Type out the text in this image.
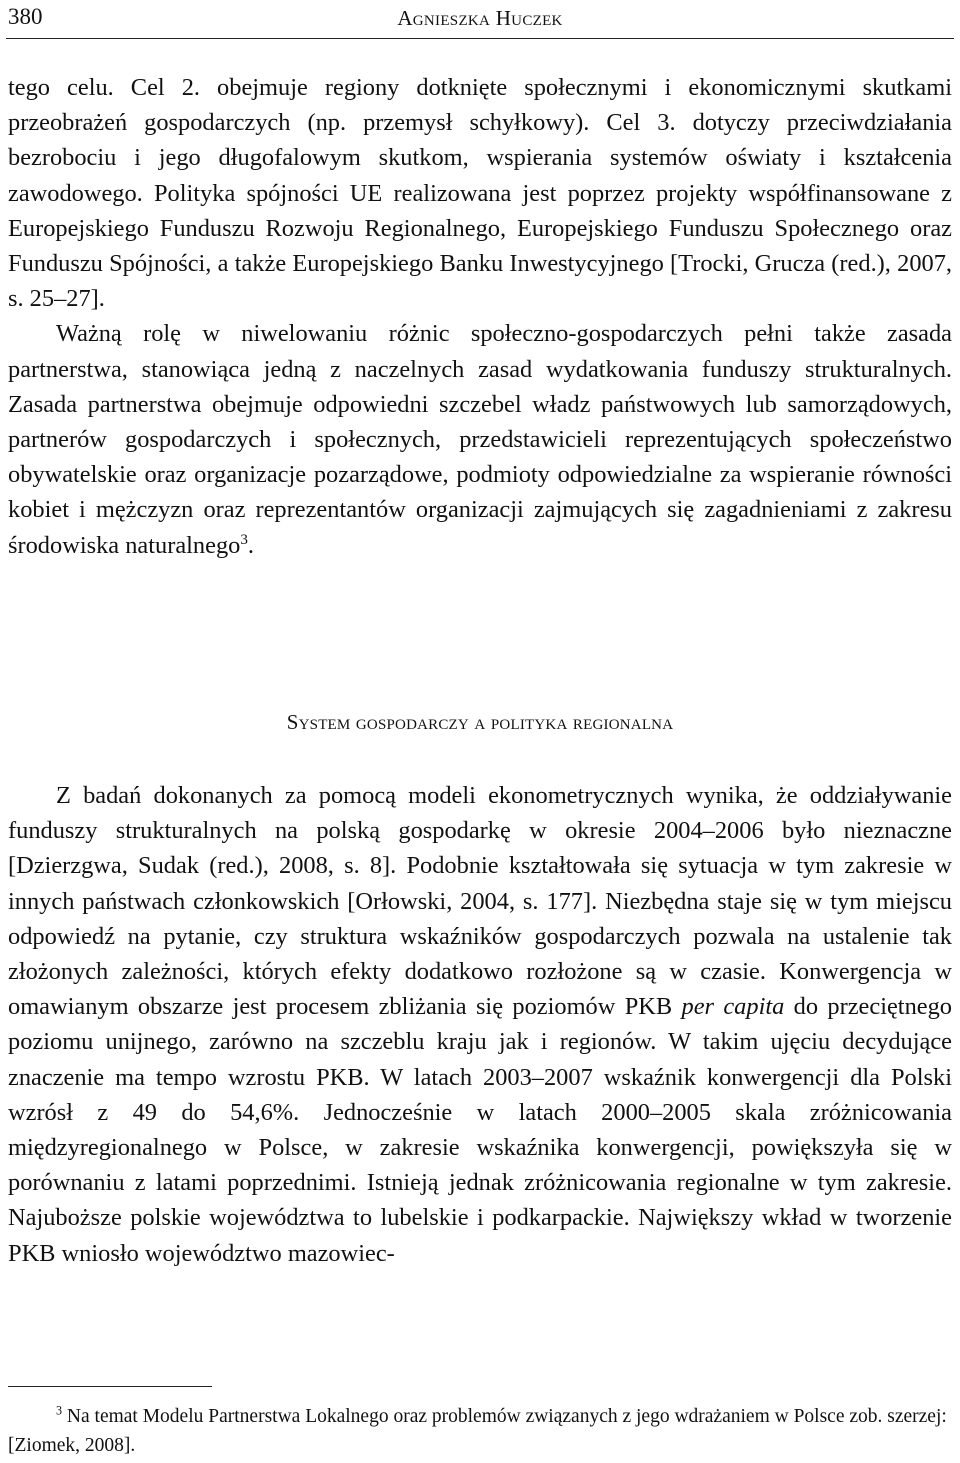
380	Agnieszka Huczek

tego celu. Cel 2. obejmuje regiony dotknięte społecznymi i ekonomicznymi skutkami przeobrażeń gospodarczych (np. przemysł schyłkowy). Cel 3. dotyczy przeciwdziałania bezrobociu i jego długofalowym skutkom, wspierania systemów oświaty i kształcenia zawodowego. Polityka spójności UE realizowana jest poprzez projekty współfinansowane z Europejskiego Funduszu Rozwoju Regionalnego, Europejskiego Funduszu Społecznego oraz Funduszu Spójności, a także Europejskiego Banku Inwestycyjnego [Trocki, Grucza (red.), 2007, s. 25–27].

Ważną rolę w niwelowaniu różnic społeczno-gospodarczych pełni także zasada partnerstwa, stanowiąca jedną z naczelnych zasad wydatkowania funduszy strukturalnych. Zasada partnerstwa obejmuje odpowiedni szczebel władz państwowych lub samorządowych, partnerów gospodarczych i społecznych, przedstawicieli reprezentujących społeczeństwo obywatelskie oraz organizacje pozarządowe, podmioty odpowiedzialne za wspieranie równości kobiet i mężczyzn oraz reprezentantów organizacji zajmujących się zagadnieniami z zakresu środowiska naturalnego$^3$.

System gospodarczy a polityka regionalna

Z badań dokonanych za pomocą modeli ekonometrycznych wynika, że oddziaływanie funduszy strukturalnych na polską gospodarkę w okresie 2004–2006 było nieznaczne [Dzierzgwa, Sudak (red.), 2008, s. 8]. Podobnie kształtowała się sytuacja w tym zakresie w innych państwach członkowskich [Orłowski, 2004, s. 177]. Niezbędna staje się w tym miejscu odpowiedź na pytanie, czy struktura wskaźników gospodarczych pozwala na ustalenie tak złożonych zależności, których efekty dodatkowo rozłożone są w czasie. Konwergencja w omawianym obszarze jest procesem zbliżania się poziomów PKB per capita do przeciętnego poziomu unijnego, zarówno na szczeblu kraju jak i regionów. W takim ujęciu decydujące znaczenie ma tempo wzrostu PKB. W latach 2003–2007 wskaźnik konwergencji dla Polski wzrósł z 49 do 54,6%. Jednocześnie w latach 2000–2005 skala zróżnicowania międzyregionalnego w Polsce, w zakresie wskaźnika konwergencji, powiększyła się w porównaniu z latami poprzednimi. Istnieją jednak zróżnicowania regionalne w tym zakresie. Najuboższe polskie województwa to lubelskie i podkarpackie. Największy wkład w tworzenie PKB wniosło województwo mazowiec-

$^3$ Na temat Modelu Partnerstwa Lokalnego oraz problemów związanych z jego wdrażaniem w Polsce zob. szerzej: [Ziomek, 2008].
